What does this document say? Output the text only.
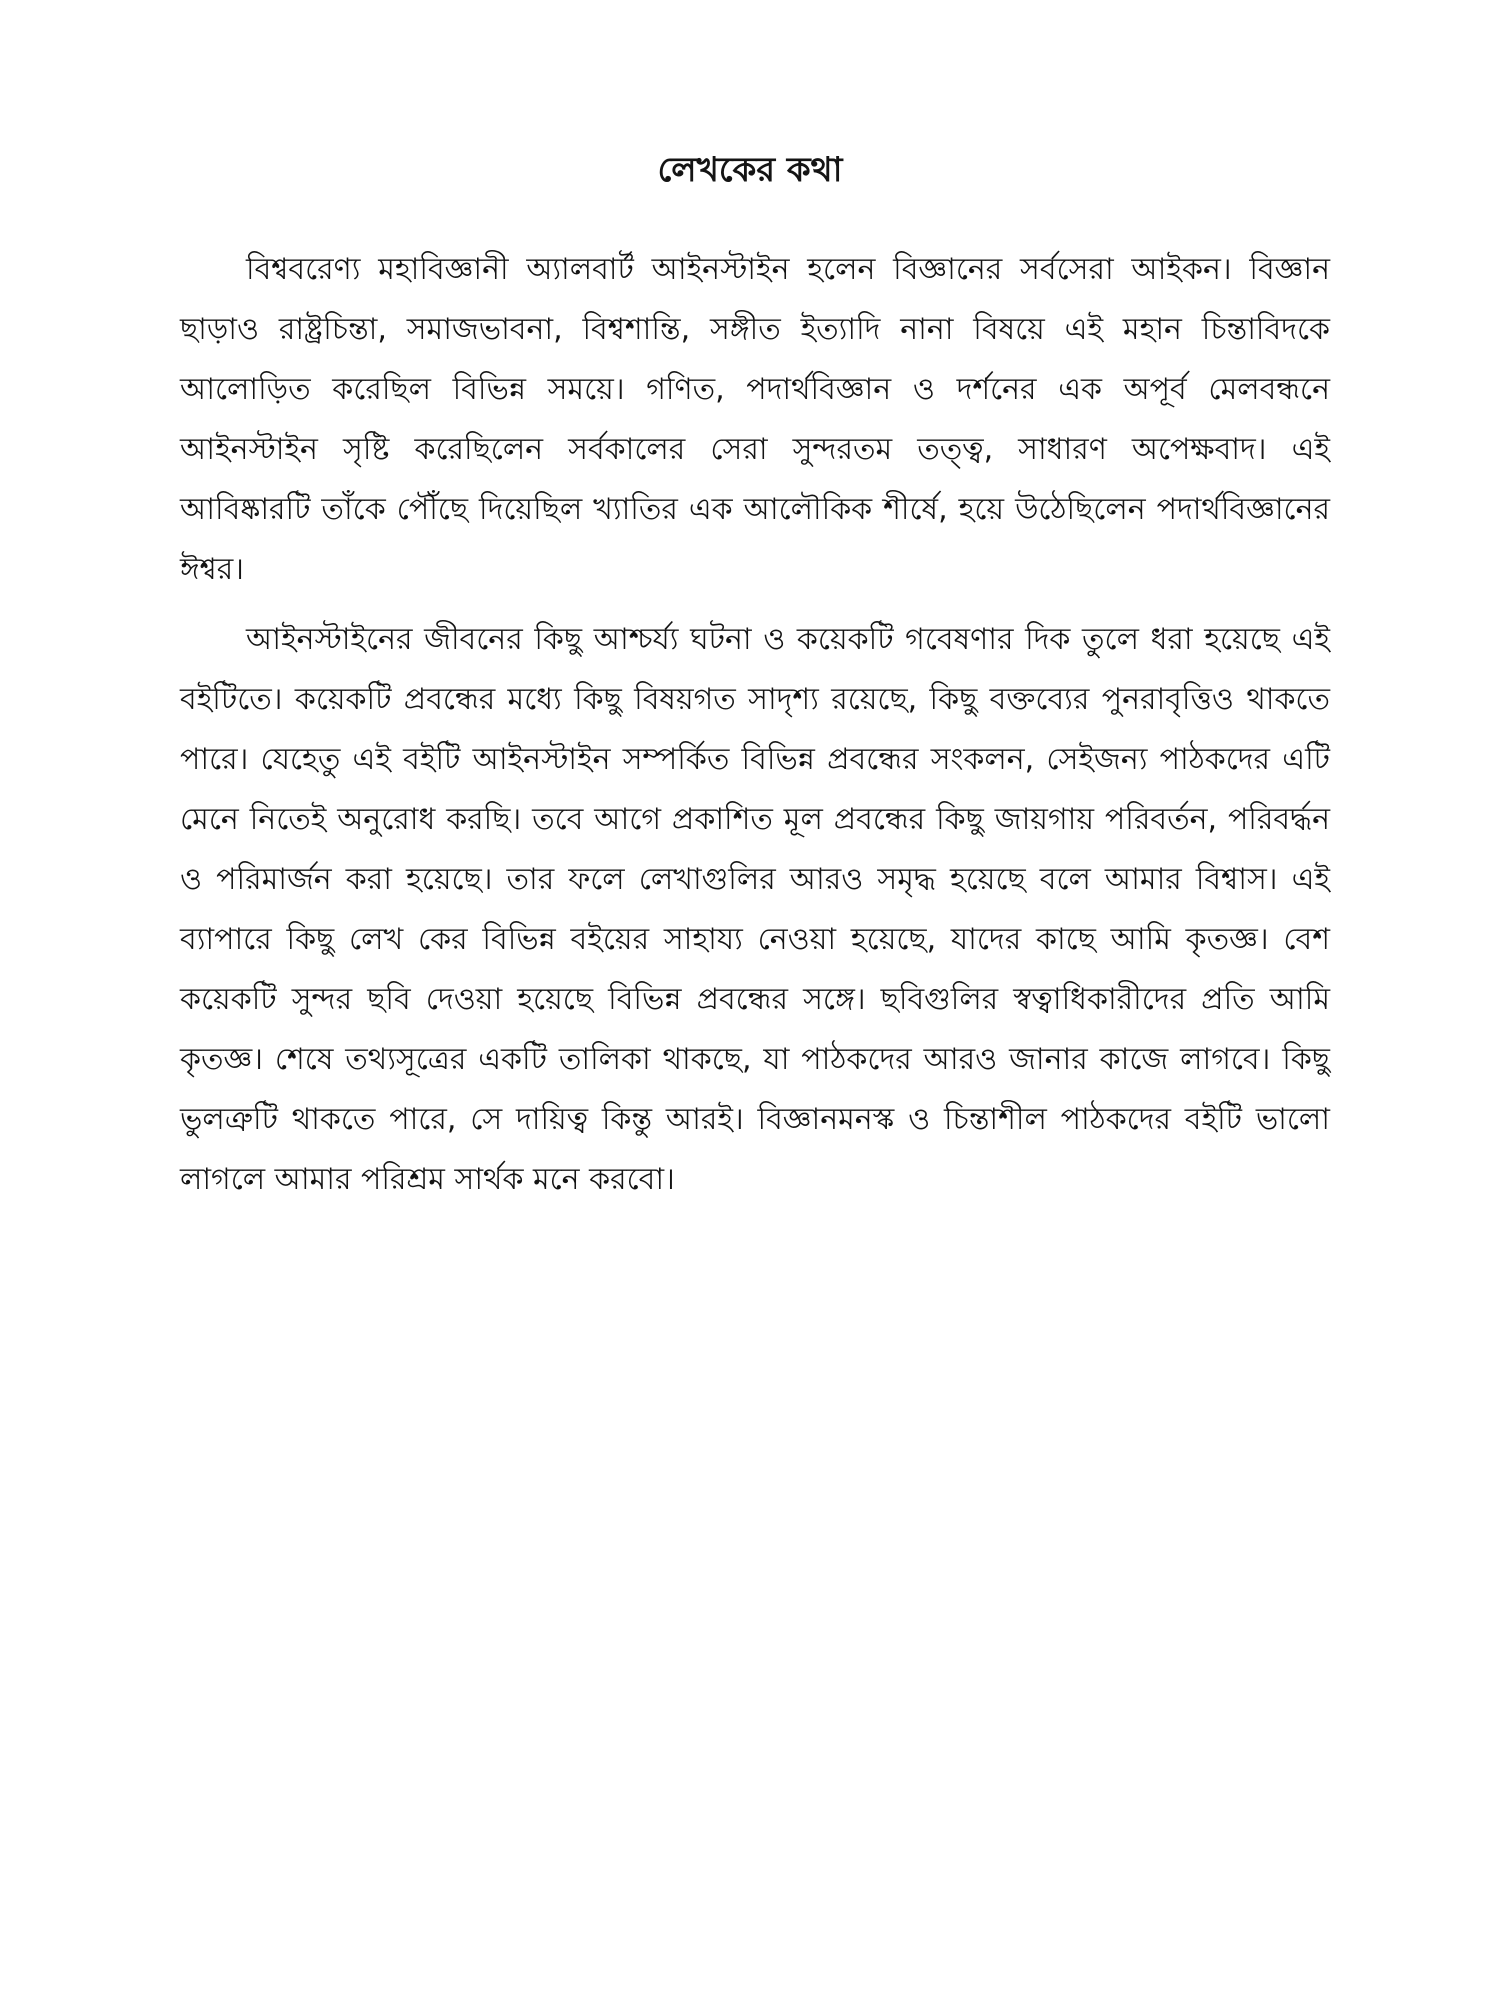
লেখকের কথা

বিশ্ববরেণ্য মহাবিজ্ঞানী অ্যালবার্ট আইনস্টাইন হলেন বিজ্ঞানের সর্বসেরা আইকন। বিজ্ঞান ছাড়াও রাষ্ট্রচিন্তা, সমাজভাবনা, বিশ্বশান্তি, সঙ্গীত ইত্যাদি নানা বিষয়ে এই মহান চিন্তাবিদকে আলোড়িত করেছিল বিভিন্ন সময়ে। গণিত, পদার্থবিজ্ঞান ও দর্শনের এক অপূর্ব মেলবন্ধনে আইনস্টাইন সৃষ্টি করেছিলেন সর্বকালের সেরা সুন্দরতম তত্ত্ব, সাধারণ অপেক্ষবাদ। এই আবিষ্কারটি তাঁকে পৌঁছে দিয়েছিল খ্যাতির এক আলৌকিক শীর্ষে, হয়ে উঠেছিলেন পদার্থবিজ্ঞানের ঈশ্বর।

আইনস্টাইনের জীবনের কিছু আশ্চর্য্য ঘটনা ও কয়েকটি গবেষণার দিক তুলে ধরা হয়েছে এই বইটিতে। কয়েকটি প্রবন্ধের মধ্যে কিছু বিষয়গত সাদৃশ্য রয়েছে, কিছু বক্তব্যের পুনরাবৃত্তিও থাকতে পারে। যেহেতু এই বইটি আইনস্টাইন সম্পর্কিত বিভিন্ন প্রবন্ধের সংকলন, সেইজন্য পাঠকদের এটি মেনে নিতেই অনুরোধ করছি। তবে আগে প্রকাশিত মূল প্রবন্ধের কিছু জায়গায় পরিবর্তন, পরিবর্দ্ধন ও পরিমার্জন করা হয়েছে। তার ফলে লেখাগুলির আরও সমৃদ্ধ হয়েছে বলে আমার বিশ্বাস। এই ব্যাপারে কিছু লেখ কের বিভিন্ন বইয়ের সাহায্য নেওয়া হয়েছে, যাদের কাছে আমি কৃতজ্ঞ। বেশ কয়েকটি সুন্দর ছবি দেওয়া হয়েছে বিভিন্ন প্রবন্ধের সঙ্গে। ছবিগুলির স্বত্বাধিকারীদের প্রতি আমি কৃতজ্ঞ। শেষে তথ্যসূত্রের একটি তালিকা থাকছে, যা পাঠকদের আরও জানার কাজে লাগবে। কিছু ভুলত্রুটি থাকতে পারে, সে দায়িত্ব কিন্তু আরই। বিজ্ঞানমনস্ক ও চিন্তাশীল পাঠকদের বইটি ভালো লাগলে আমার পরিশ্রম সার্থক মনে করবো।
